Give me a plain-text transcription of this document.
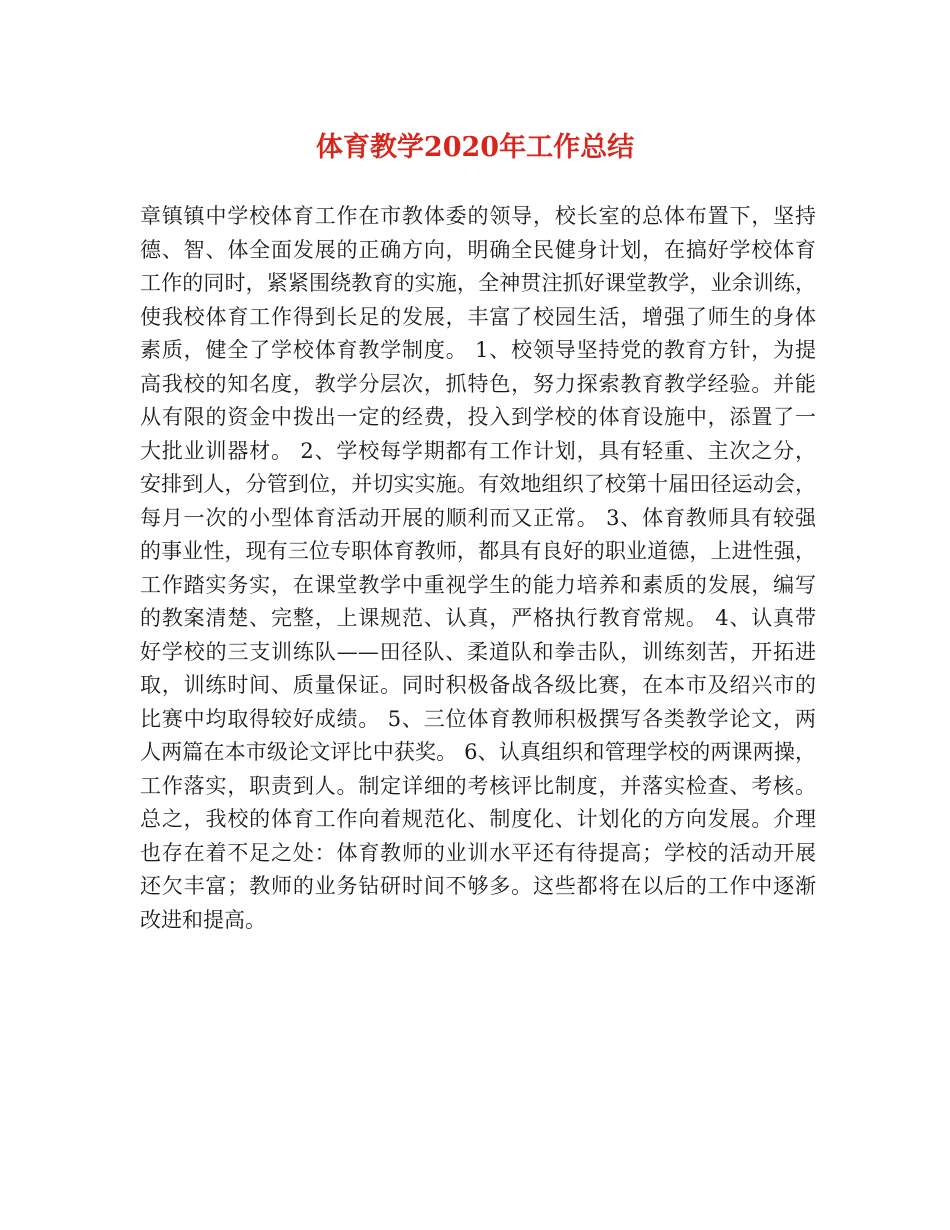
体育教学2020年工作总结
章镇镇中学校体育工作在市教体委的领导，校长室的总体布置下，坚持
德、智、体全面发展的正确方向，明确全民健身计划，在搞好学校体育
工作的同时，紧紧围绕教育的实施，全神贯注抓好课堂教学，业余训练，
使我校体育工作得到长足的发展，丰富了校园生活，增强了师生的身体
素质，健全了学校体育教学制度。 1、校领导坚持党的教育方针，为提
高我校的知名度，教学分层次，抓特色，努力探索教育教学经验。并能
从有限的资金中拨出一定的经费，投入到学校的体育设施中，添置了一
大批业训器材。 2、学校每学期都有工作计划，具有轻重、主次之分，
安排到人，分管到位，并切实实施。有效地组织了校第十届田径运动会，
每月一次的小型体育活动开展的顺利而又正常。 3、体育教师具有较强
的事业性，现有三位专职体育教师，都具有良好的职业道德，上进性强，
工作踏实务实，在课堂教学中重视学生的能力培养和素质的发展，编写
的教案清楚、完整，上课规范、认真，严格执行教育常规。 4、认真带
好学校的三支训练队——田径队、柔道队和拳击队，训练刻苦，开拓进
取，训练时间、质量保证。同时积极备战各级比赛，在本市及绍兴市的
比赛中均取得较好成绩。 5、三位体育教师积极撰写各类教学论文，两
人两篇在本市级论文评比中获奖。 6、认真组织和管理学校的两课两操，
工作落实，职责到人。制定详细的考核评比制度，并落实检查、考核。
总之，我校的体育工作向着规范化、制度化、计划化的方向发展。介理
也存在着不足之处：体育教师的业训水平还有待提高；学校的活动开展
还欠丰富；教师的业务钻研时间不够多。这些都将在以后的工作中逐渐
改进和提高。
